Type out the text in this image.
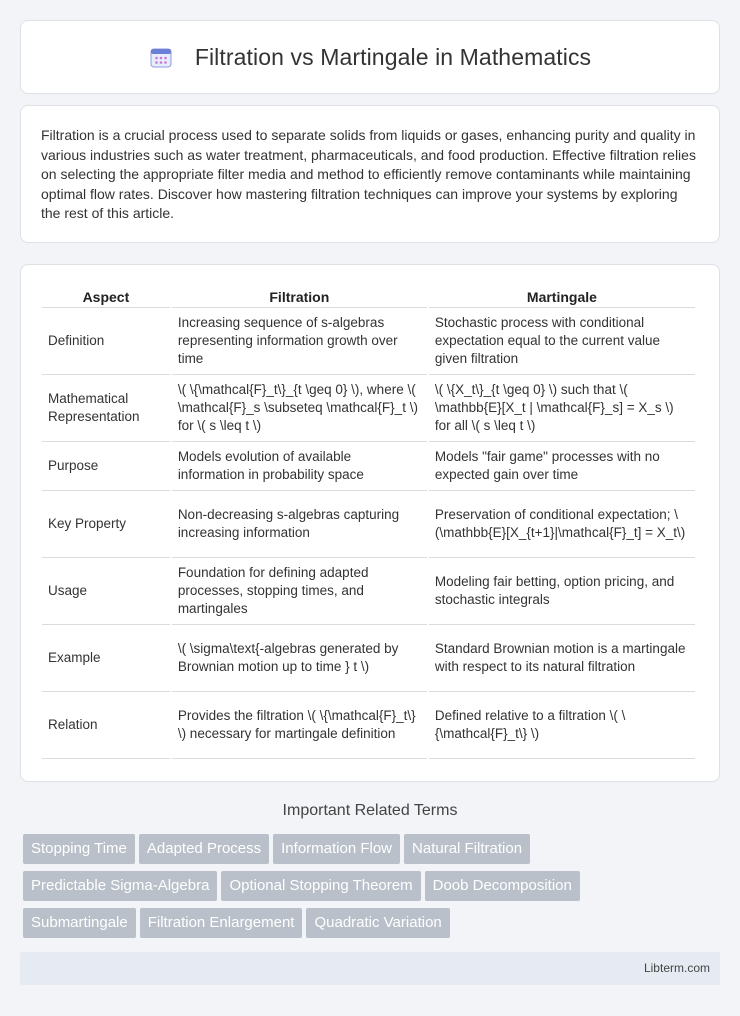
Filtration vs Martingale in Mathematics

Filtration is a crucial process used to separate solids from liquids or gases, enhancing purity and quality in various industries such as water treatment, pharmaceuticals, and food production. Effective filtration relies on selecting the appropriate filter media and method to efficiently remove contaminants while maintaining optimal flow rates. Discover how mastering filtration techniques can improve your systems by exploring the rest of this article.

Aspect	Filtration	Martingale
Definition	Increasing sequence of s-algebras representing information growth over time	Stochastic process with conditional expectation equal to the current value given filtration
Mathematical Representation	\( \{\mathcal{F}_t\}_{t \geq 0} \), where \( \mathcal{F}_s \subseteq \mathcal{F}_t \) for \( s \leq t \)	\( \{X_t\}_{t \geq 0} \) such that \( \mathbb{E}[X_t | \mathcal{F}_s] = X_s \) for all \( s \leq t \)
Purpose	Models evolution of available information in probability space	Models "fair game" processes with no expected gain over time
Key Property	Non-decreasing s-algebras capturing increasing information	Preservation of conditional expectation; \(\mathbb{E}[X_{t+1}|\mathcal{F}_t] = X_t\)
Usage	Foundation for defining adapted processes, stopping times, and martingales	Modeling fair betting, option pricing, and stochastic integrals
Example	\( \sigma\text{-algebras generated by Brownian motion up to time } t \)	Standard Brownian motion is a martingale with respect to its natural filtration
Relation	Provides the filtration \( \{\mathcal{F}_t\} \) necessary for martingale definition	Defined relative to a filtration \( \{\mathcal{F}_t\} \)
Important Related Terms
Stopping Time Adapted Process Information Flow Natural Filtration
Predictable Sigma-Algebra Optional Stopping Theorem Doob Decomposition
Submartingale Filtration Enlargement Quadratic Variation
Libterm.com
